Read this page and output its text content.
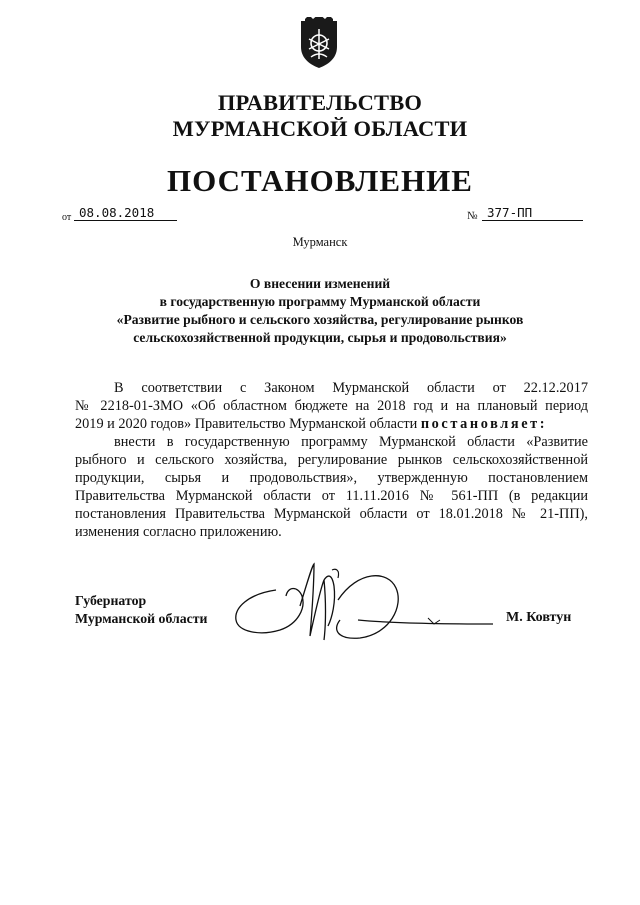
ПРАВИТЕЛЬСТВО
МУРМАНСКОЙ ОБЛАСТИ
ПОСТАНОВЛЕНИЕ
от 08.08.2018	№ 377-ПП
Мурманск
О внесении изменений
в государственную программу Мурманской области
«Развитие рыбного и сельского хозяйства, регулирование рынков
сельскохозяйственной продукции, сырья и продовольствия»
В соответствии с Законом Мурманской области от 22.12.2017
№ 2218-01-ЗМО «Об областном бюджете на 2018 год и на плановый период
2019 и 2020 годов» Правительство Мурманской области постановляет:
внести в государственную программу Мурманской области «Развитие
рыбного и сельского хозяйства, регулирование рынков сельскохозяйственной
продукции, сырья и продовольствия», утвержденную постановлением
Правительства Мурманской области от 11.11.2016 № 561-ПП (в редакции
постановления Правительства Мурманской области от 18.01.2018 № 21-ПП),
изменения согласно приложению.
Губернатор
Мурманской области	М. Ковтун
